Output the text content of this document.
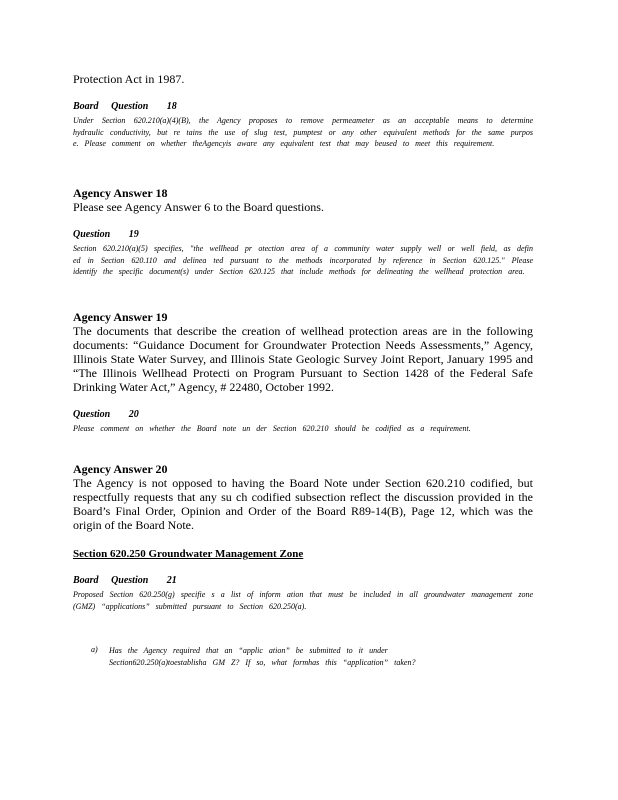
Protection Act in 1987.
Board Question 18
Under Section 620.210(a)(4)(B), the Agency proposes to remove permeameter as an acceptable means to determine hydraulic conductivity, but re tains the use of slug test, pumptest or any other equivalent methods for the same purpos e. Please comment on whether theAgencyis aware any equivalent test that may beused to meet this requirement.
Agency Answer 18
Please see Agency Answer 6 to the Board questions.
Question 19
Section 620.210(a)(5) specifies, "the wellhead pr otection area of a community water supply well or well field, as defin ed in Section 620.110 and delinea ted pursuant to the methods incorporated by reference in Section 620.125." Please identify the specific document(s) under Section 620.125 that include methods for delineating the wellhead protection area.
Agency Answer 19
The documents that describe the creation of wellhead protection areas are in the following documents: “Guidance Document for Groundwater Protection Needs Assessments,” Agency, Illinois State Water Survey, and Illinois State Geologic Survey Joint Report, January 1995 and “The Illinois Wellhead Protecti on Program Pursuant to Section 1428 of the Federal Safe Drinking Water Act,” Agency, # 22480, October 1992.
Question 20
Please comment on whether the Board note un der Section 620.210 should be codified as a requirement.
Agency Answer 20
The Agency is not opposed to having the Board Note under Section 620.210 codified, but respectfully requests that any su ch codified subsection reflect the discussion provided in the Board’s Final Order, Opinion and Order of the Board R89-14(B), Page 12, which was the origin of the Board Note.
Section 620.250 Groundwater Management Zone
Board Question 21
Proposed Section 620.250(g) specifie s a list of inform ation that must be included in all groundwater management zone (GMZ) “applications” submitted pursuant to Section 620.250(a).
a) Has the Agency required that an “applic ation” be submitted to it under Section620.250(a)toestablisha GM Z? If so, what formhas this “application” taken?
